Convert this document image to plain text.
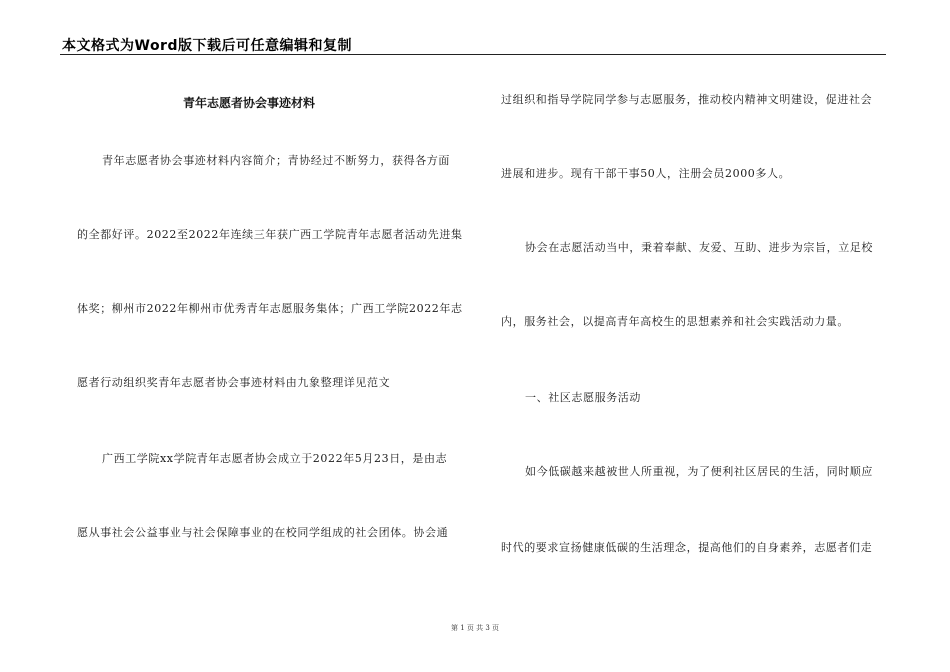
本文格式为Word版下载后可任意编辑和复制
青年志愿者协会事迹材料
青年志愿者协会事迹材料内容简介；青协经过不断努力，获得各方面
的全都好评。2022至2022年连续三年获广西工学院青年志愿者活动先进集
体奖；柳州市2022年柳州市优秀青年志愿服务集体；广西工学院2022年志
愿者行动组织奖青年志愿者协会事迹材料由九象整理详见范文
广西工学院xx学院青年志愿者协会成立于2022年5月23日，是由志
愿从事社会公益事业与社会保障事业的在校同学组成的社会团体。协会通
过组织和指导学院同学参与志愿服务，推动校内精神文明建设，促进社会
进展和进步。现有干部干事50人，注册会员2000多人。
协会在志愿活动当中，秉着奉献、友爱、互助、进步为宗旨，立足校
内，服务社会，以提高青年高校生的思想素养和社会实践活动力量。
一、社区志愿服务活动
如今低碳越来越被世人所重视，为了便利社区居民的生活，同时顺应
时代的要求宣扬健康低碳的生活理念，提高他们的自身素养，志愿者们走
第 1 页 共 3 页
